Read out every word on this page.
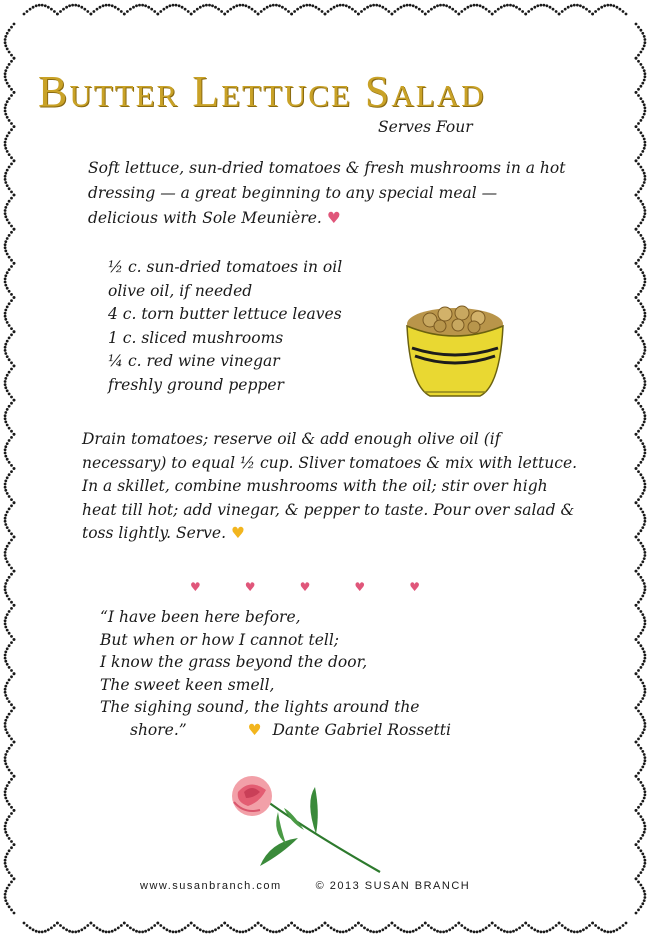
Butter Lettuce Salad
Serves Four
Soft lettuce, sun-dried tomatoes & fresh mushrooms in a hot dressing — a great beginning to any special meal — delicious with Sole Meunière. ♥
½ c. sun-dried tomatoes in oil
olive oil, if needed
4 c. torn butter lettuce leaves
1 c. sliced mushrooms
¼ c. red wine vinegar
freshly ground pepper
Drain tomatoes; reserve oil & add enough olive oil (if necessary) to equal ½ cup. Sliver tomatoes & mix with lettuce. In a skillet, combine mushrooms with the oil; stir over high heat till hot; add vinegar, & pepper to taste. Pour over salad & toss lightly. Serve. ♥
♥	♥	♥	♥	♥
“I have been here before,
But when or how I cannot tell;
I know the grass beyond the door,
The sweet keen smell,
The sighing sound, the lights around the
shore.”	♥ Dante Gabriel Rossetti
www.susanbranch.com	© 2013 SUSAN BRANCH
